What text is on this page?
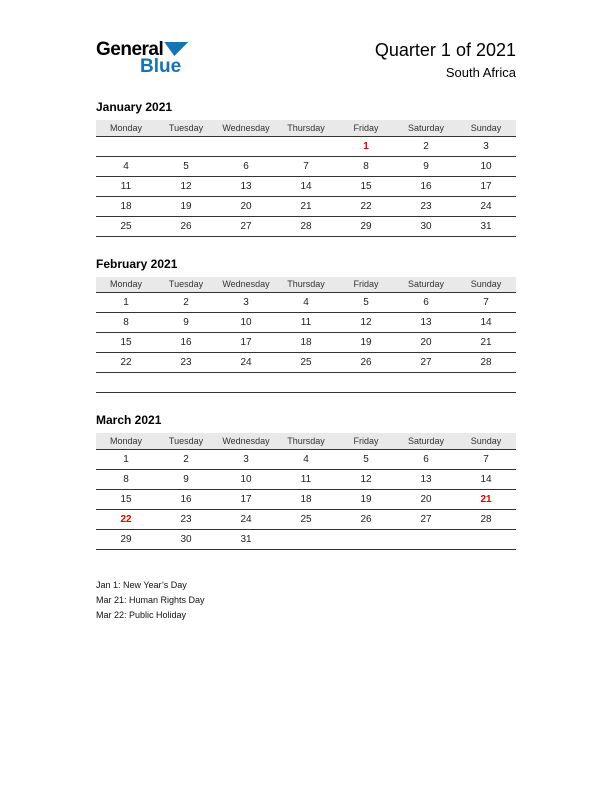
General
Blue
Quarter 1 of 2021
South Africa
January 2021
Monday	Tuesday	Wednesday	Thursday	Friday	Saturday	Sunday
				1	2	3
4	5	6	7	8	9	10
11	12	13	14	15	16	17
18	19	20	21	22	23	24
25	26	27	28	29	30	31
February 2021
Monday	Tuesday	Wednesday	Thursday	Friday	Saturday	Sunday
1	2	3	4	5	6	7
8	9	10	11	12	13	14
15	16	17	18	19	20	21
22	23	24	25	26	27	28

March 2021
Monday	Tuesday	Wednesday	Thursday	Friday	Saturday	Sunday
1	2	3	4	5	6	7
8	9	10	11	12	13	14
15	16	17	18	19	20	21
22	23	24	25	26	27	28
29	30	31				
Jan 1: New Year’s Day
Mar 21: Human Rights Day
Mar 22: Public Holiday
